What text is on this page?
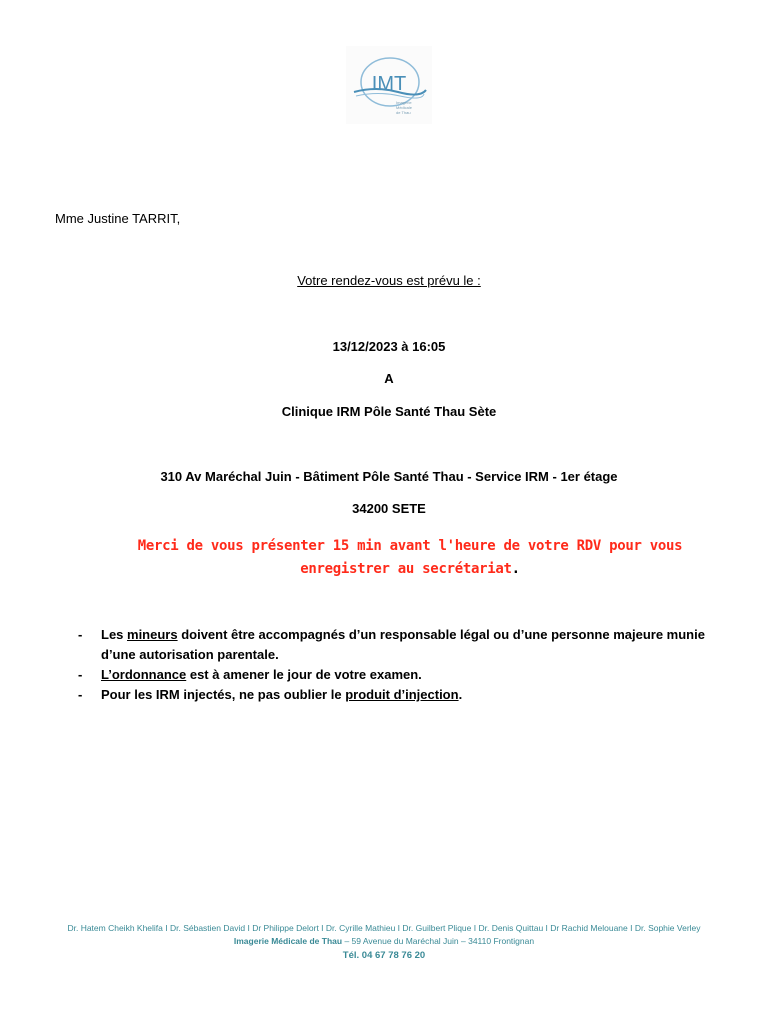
IMT
Imagerie
Médicale
de Thau
Mme Justine TARRIT,
Votre rendez-vous est prévu le :
13/12/2023 à 16:05
A
Clinique IRM Pôle Santé Thau Sète
310 Av Maréchal Juin - Bâtiment Pôle Santé Thau - Service IRM - 1er étage
34200 SETE
Merci de vous présenter 15 min avant l'heure de votre RDV pour vous
enregistrer au secrétariat.
- Les mineurs doivent être accompagnés d’un responsable légal ou d’une personne majeure munie d’une autorisation parentale.
- L’ordonnance est à amener le jour de votre examen.
- Pour les IRM injectés, ne pas oublier le produit d’injection.
Dr. Hatem Cheikh Khelifa I Dr. Sébastien David I Dr Philippe Delort I Dr. Cyrille Mathieu I Dr. Guilbert Plique I Dr. Denis Quittau I Dr Rachid Melouane I Dr. Sophie Verley
Imagerie Médicale de Thau – 59 Avenue du Maréchal Juin – 34110 Frontignan
Tél. 04 67 78 76 20
